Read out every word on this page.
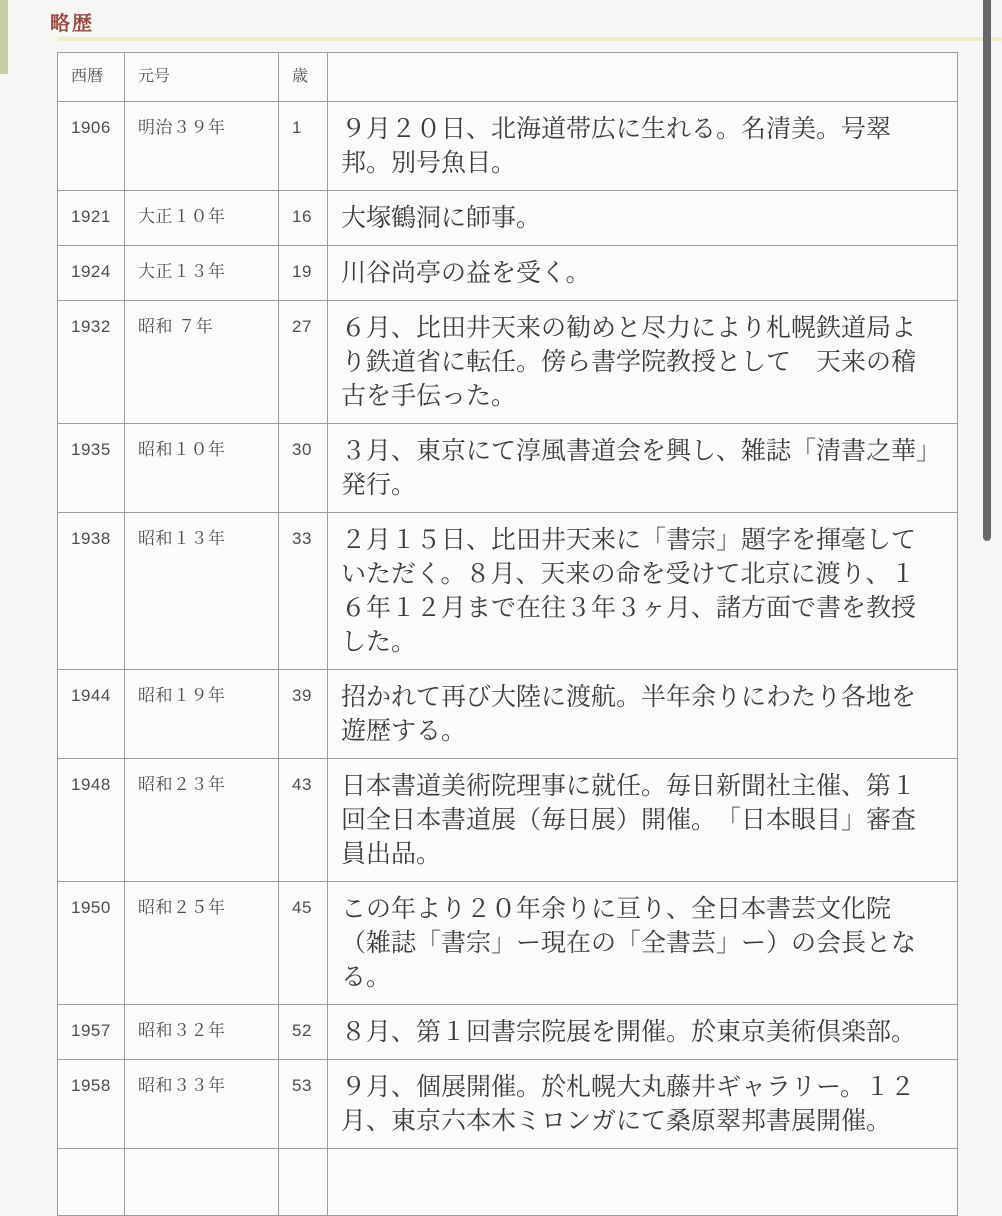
略歴
西暦	元号	歳	
1906	明治３９年	1	９月２０日、北海道帯広に生れる。名清美。号翠邦。別号魚目。
1921	大正１０年	16	大塚鶴洞に師事。
1924	大正１３年	19	川谷尚亭の益を受く。
1932	昭和 ７年	27	６月、比田井天来の勧めと尽力により札幌鉄道局より鉄道省に転任。傍ら書学院教授として　天来の稽古を手伝った。
1935	昭和１０年	30	３月、東京にて淳風書道会を興し、雑誌「清書之華」発行。
1938	昭和１３年	33	２月１５日、比田井天来に「書宗」題字を揮毫していただく。８月、天来の命を受けて北京に渡り、１６年１２月まで在往３年３ヶ月、諸方面で書を教授した。
1944	昭和１９年	39	招かれて再び大陸に渡航。半年余りにわたり各地を遊歴する。
1948	昭和２３年	43	日本書道美術院理事に就任。毎日新聞社主催、第１回全日本書道展（毎日展）開催。　「日本眼目」審査員出品。
1950	昭和２５年	45	この年より２０年余りに亘り、全日本書芸文化院（雑誌「書宗」ー現在の「全書芸」ー）の会長となる。
1957	昭和３２年	52	８月、第１回書宗院展を開催。於東京美術倶楽部。
1958	昭和３３年	53	９月、個展開催。於札幌大丸藤井ギャラリー。１２月、東京六本木ミロンガにて桑原翠邦書展開催。
